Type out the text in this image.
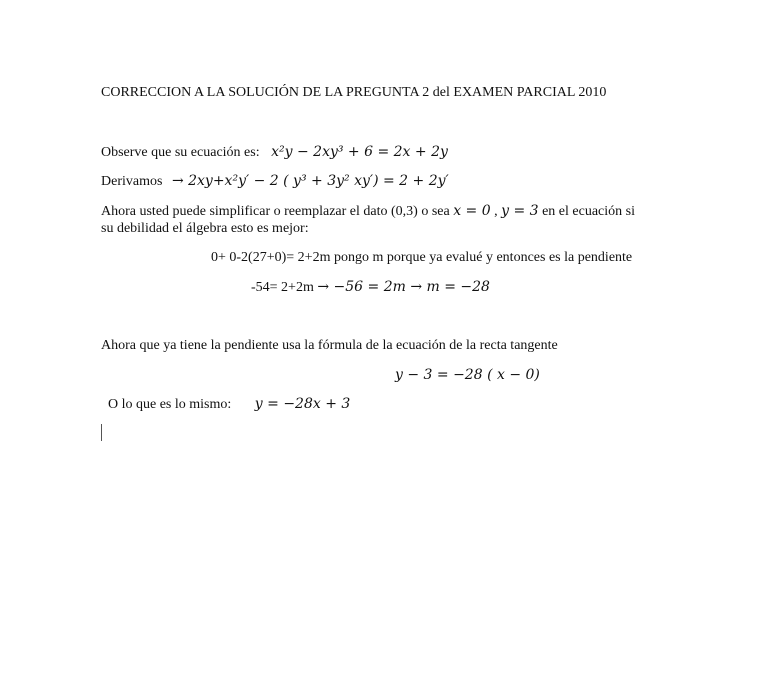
CORRECCION A LA SOLUCIÓN DE LA PREGUNTA 2 del EXAMEN PARCIAL 2010
Observe que su ecuación es: x²y − 2xy³ + 6 = 2x + 2y
Derivamos → 2xy+x²y′ − 2 ( y³ + 3y² xy′) = 2 + 2y′
Ahora usted puede simplificar o reemplazar el dato (0,3) o sea x = 0 , y = 3 en el ecuación si
su debilidad el álgebra esto es mejor:
0+ 0-2(27+0)= 2+2m pongo m porque ya evalué y entonces es la pendiente
-54= 2+2m → −56 = 2m → m = −28
Ahora que ya tiene la pendiente usa la fórmula de la ecuación de la recta tangente
y − 3 = −28 ( x − 0)
O lo que es lo mismo: y = −28x + 3
